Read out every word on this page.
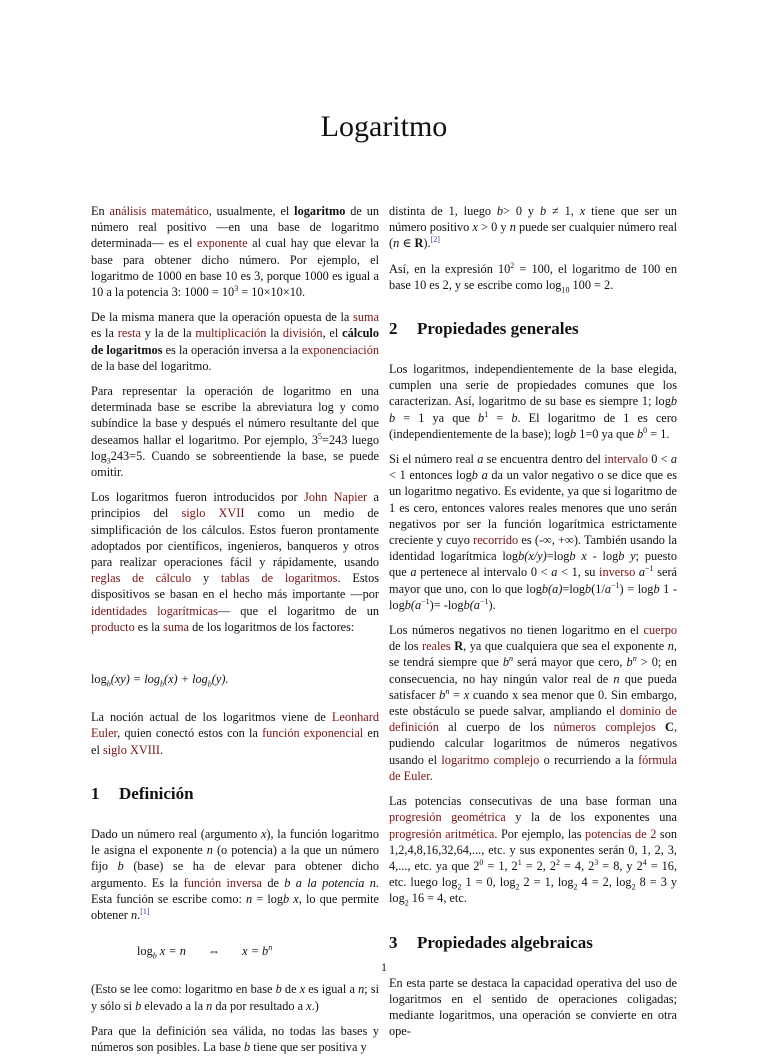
Logaritmo

En análisis matemático, usualmente, el logaritmo de un número real positivo —en una base de logaritmo determinada— es el exponente al cual hay que elevar la base para obtener dicho número. Por ejemplo, el logaritmo de 1000 en base 10 es 3, porque 1000 es igual a 10 a la potencia 3: $1000 = 10^3 = 10\times 10\times 10$.

De la misma manera que la operación opuesta de la suma es la resta y la de la multiplicación la división, el cálculo de logaritmos es la operación inversa a la exponenciación de la base del logaritmo.

Para representar la operación de logaritmo en una determinada base se escribe la abreviatura log y como subíndice la base y después el número resultante del que deseamos hallar el logaritmo. Por ejemplo, $3^5=243$ luego $\log_3243=5$. Cuando se sobreentiende la base, se puede omitir.

Los logaritmos fueron introducidos por John Napier a principios del siglo XVII como un medio de simplificación de los cálculos. Estos fueron prontamente adoptados por científicos, ingenieros, banqueros y otros para realizar operaciones fácil y rápidamente, usando reglas de cálculo y tablas de logaritmos. Estos dispositivos se basan en el hecho más importante —por identidades logarítmicas— que el logaritmo de un producto es la suma de los logaritmos de los factores:

$\log_b(xy) = \log_b(x) + \log_b(y)$.

La noción actual de los logaritmos viene de Leonhard Euler, quien conectó estos con la función exponencial en el siglo XVIII.

1 Definición

Dado un número real (argumento x), la función logaritmo le asigna el exponente n (o potencia) a la que un número fijo b (base) se ha de elevar para obtener dicho argumento. Es la función inversa de b a la potencia n. Esta función se escribe como: n = logb x, lo que permite obtener n.[1]

$\log_b x = n$ ⇔ $x = b^n$

(Esto se lee como: logaritmo en base b de x es igual a n; si y sólo si b elevado a la n da por resultado a x.)

Para que la definición sea válida, no todas las bases y números son posibles. La base b tiene que ser positiva y

distinta de 1, luego b> 0 y b ≠ 1, x tiene que ser un número positivo x > 0 y n puede ser cualquier número real (n ∈ R).[2]

Así, en la expresión $10^2 = 100$, el logaritmo de 100 en base 10 es 2, y se escribe como $\log_{10} 100 = 2$.

2 Propiedades generales

Los logaritmos, independientemente de la base elegida, cumplen una serie de propiedades comunes que los caracterizan. Así, logaritmo de su base es siempre 1; logb b = 1 ya que $b^1 = b$. El logaritmo de 1 es cero (independientemente de la base); logb 1=0 ya que $b^0 = 1$.

Si el número real a se encuentra dentro del intervalo 0 < a < 1 entonces logb a da un valor negativo o se dice que es un logaritmo negativo. Es evidente, ya que si logaritmo de 1 es cero, entonces valores reales menores que uno serán negativos por ser la función logarítmica estrictamente creciente y cuyo recorrido es (-∞, +∞). También usando la identidad logarítmica logb(x/y)=logb x - logb y; puesto que a pertenece al intervalo 0 < a < 1, su inverso $a^{-1}$ será mayor que uno, con lo que $\log b(a)=\log b(1/a^{-1}) = \log b$ $1 - \log b(a^{-1})= -\log b(a^{-1})$.

Los números negativos no tienen logaritmo en el cuerpo de los reales R, ya que cualquiera que sea el exponente n, se tendrá siempre que $b^n$ será mayor que cero, $b^n > 0$; en consecuencia, no hay ningún valor real de n que pueda satisfacer $b^n = x$ cuando x sea menor que 0. Sin embargo, este obstáculo se puede salvar, ampliando el dominio de definición al cuerpo de los números complejos C, pudiendo calcular logaritmos de números negativos usando el logaritmo complejo o recurriendo a la fórmula de Euler.

Las potencias consecutivas de una base forman una progresión geométrica y la de los exponentes una progresión aritmética. Por ejemplo, las potencias de 2 son 1,2,4,8,16,32,64,..., etc. y sus exponentes serán 0, 1, 2, 3, 4,..., etc. ya que $2^0 = 1$, $2^1 = 2$, $2^2 = 4$, $2^3 = 8$, y $2^4 = 16$, etc. luego $\log_2 1 = 0$, $\log_2 2 = 1$, $\log_2 4 = 2$, $\log_2 8 = 3$ y $\log_2 16 = 4$, etc.

3 Propiedades algebraicas

En esta parte se destaca la capacidad operativa del uso de logaritmos en el sentido de operaciones coligadas; mediante logaritmos, una operación se convierte en otra ope-

1
